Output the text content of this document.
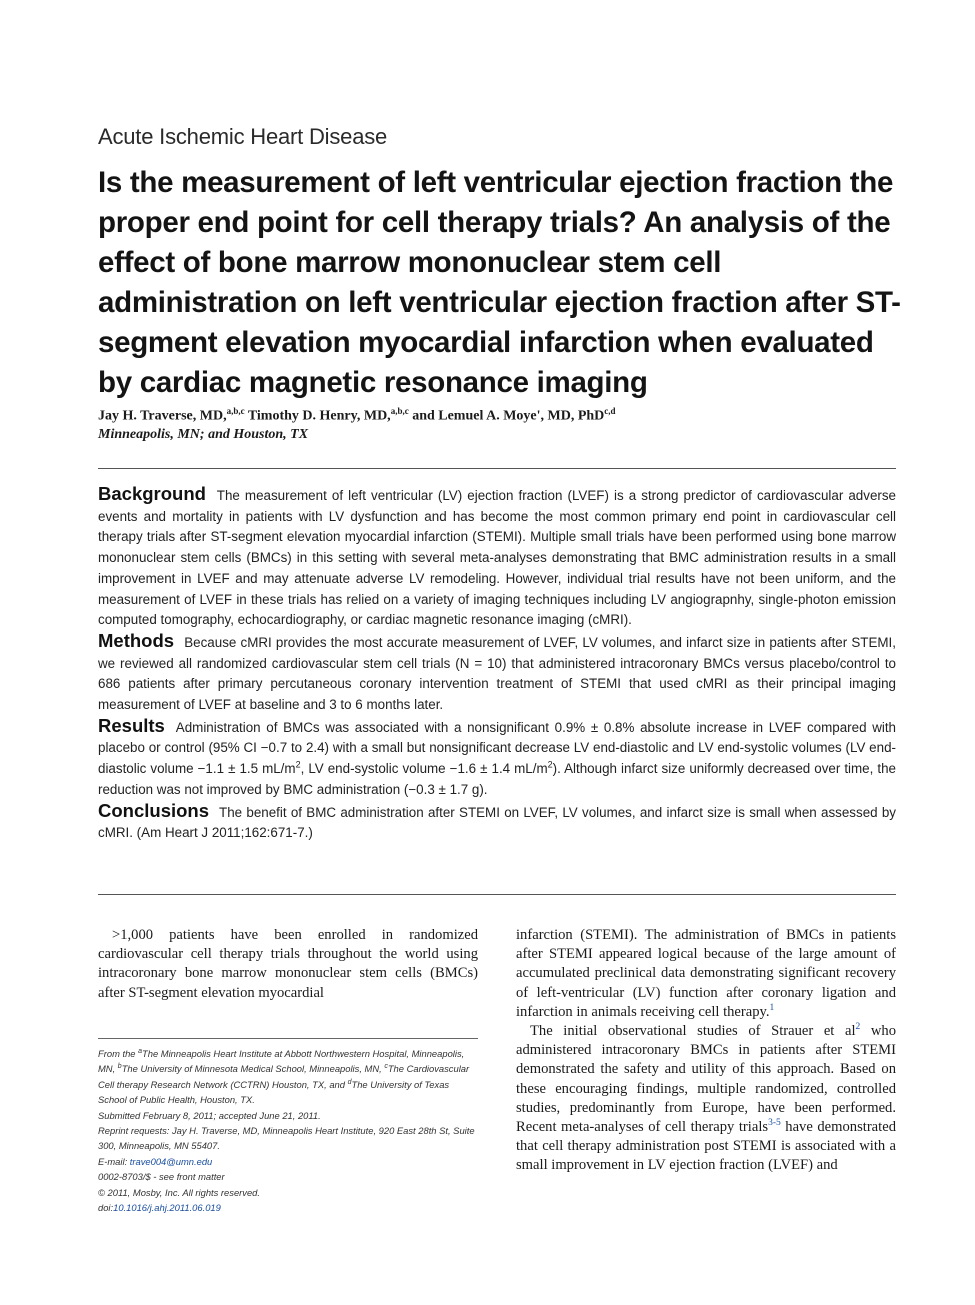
Acute Ischemic Heart Disease
Is the measurement of left ventricular ejection fraction the proper end point for cell therapy trials? An analysis of the effect of bone marrow mononuclear stem cell administration on left ventricular ejection fraction after ST-segment elevation myocardial infarction when evaluated by cardiac magnetic resonance imaging
Jay H. Traverse, MD,$^{a,b,c}$ Timothy D. Henry, MD,$^{a,b,c}$ and Lemuel A. Moye', MD, PhD$^{c,d}$
Minneapolis, MN; and Houston, TX

Background The measurement of left ventricular (LV) ejection fraction (LVEF) is a strong predictor of cardiovascular adverse events and mortality in patients with LV dysfunction and has become the most common primary end point in cardiovascular cell therapy trials after ST-segment elevation myocardial infarction (STEMI). Multiple small trials have been performed using bone marrow mononuclear stem cells (BMCs) in this setting with several meta-analyses demonstrating that BMC administration results in a small improvement in LVEF and may attenuate adverse LV remodeling. However, individual trial results have not been uniform, and the measurement of LVEF in these trials has relied on a variety of imaging techniques including LV angiograpnhy, single-photon emission computed tomography, echocardiography, or cardiac magnetic resonance imaging (cMRI).

Methods Because cMRI provides the most accurate measurement of LVEF, LV volumes, and infarct size in patients after STEMI, we reviewed all randomized cardiovascular stem cell trials (N = 10) that administered intracoronary BMCs versus placebo/control to 686 patients after primary percutaneous coronary intervention treatment of STEMI that used cMRI as their principal imaging measurement of LVEF at baseline and 3 to 6 months later.

Results Administration of BMCs was associated with a nonsignificant 0.9% ± 0.8% absolute increase in LVEF compared with placebo or control (95% CI −0.7 to 2.4) with a small but nonsignificant decrease LV end-diastolic and LV end-systolic volumes (LV end-diastolic volume −1.1 ± 1.5 $mL/m^2$, LV end-systolic volume −1.6 ± 1.4 $mL/m^2$). Although infarct size uniformly decreased over time, the reduction was not improved by BMC administration (−0.3 ± 1.7 g).

Conclusions The benefit of BMC administration after STEMI on LVEF, LV volumes, and infarct size is small when assessed by cMRI. (Am Heart J 2011;162:671-7.)

>1,000 patients have been enrolled in randomized cardiovascular cell therapy trials throughout the world using intracoronary bone marrow mononuclear stem cells (BMCs) after ST-segment elevation myocardial

From the $^a$The Minneapolis Heart Institute at Abbott Northwestern Hospital, Minneapolis, MN, $^b$The University of Minnesota Medical School, Minneapolis, MN, $^c$The Cardiovascular Cell therapy Research Network (CCTRN) Houston, TX, and $^d$The University of Texas School of Public Health, Houston, TX.

Submitted February 8, 2011; accepted June 21, 2011.

Reprint requests: Jay H. Traverse, MD, Minneapolis Heart Institute, 920 East 28th St, Suite 300, Minneapolis, MN 55407.

E-mail: trave004@umn.edu

0002-8703/$ - see front matter

© 2011, Mosby, Inc. All rights reserved.

doi:10.1016/j.ahj.2011.06.019

infarction (STEMI). The administration of BMCs in patients after STEMI appeared logical because of the large amount of accumulated preclinical data demonstrating significant recovery of left-ventricular (LV) function after coronary ligation and infarction in animals receiving cell therapy.$^1$

The initial observational studies of Strauer et $al^2$ who administered intracoronary BMCs in patients after STEMI demonstrated the safety and utility of this approach. Based on these encouraging findings, multiple randomized, controlled studies, predominantly from Europe, have been performed. Recent meta-analyses of cell therapy trials$^{3-5}$ have demonstrated that cell therapy administration post STEMI is associated with a small improvement in LV ejection fraction (LVEF) and
